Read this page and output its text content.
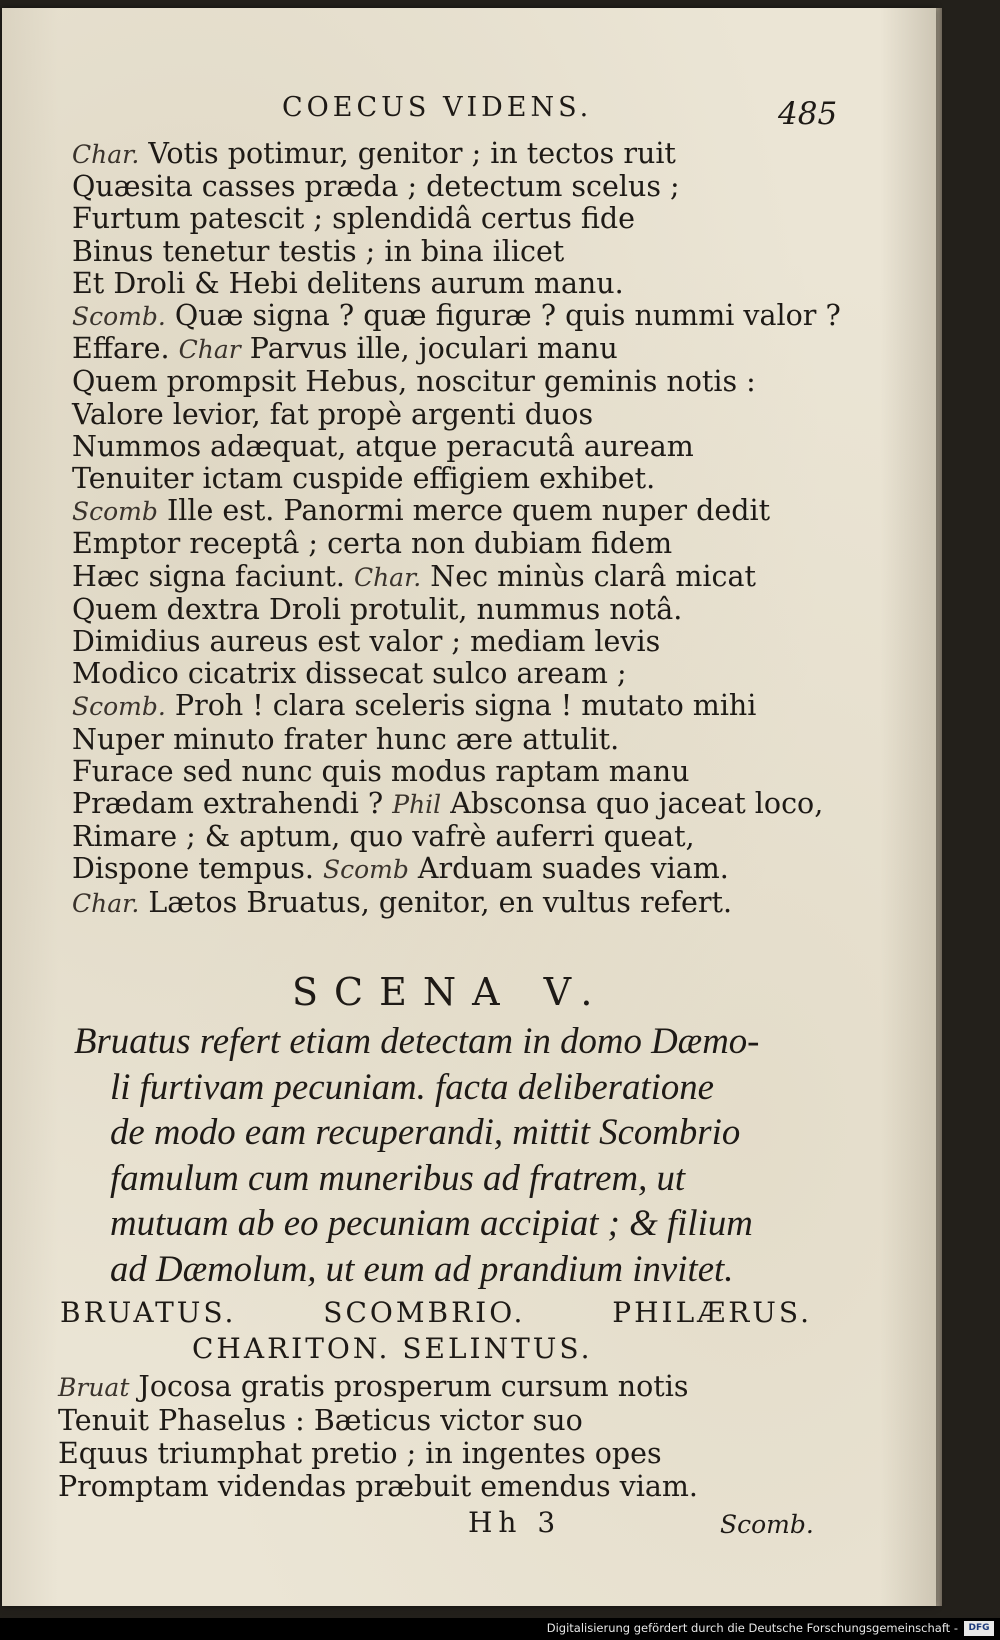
COECUS VIDENS.	485
Char. Votis potimur, genitor ; in tectos ruit
Quæsita casses præda ; detectum scelus ;
Furtum patescit ; splendidâ certus fide
Binus tenetur testis ; in bina ilicet
Et Droli & Hebi delitens aurum manu.
Scomb. Quæ signa ? quæ figuræ ? quis nummi valor ?
Effare. Char Parvus ille, joculari manu
Quem prompsit Hebus, noscitur geminis notis :
Valore levior, fat propè argenti duos
Nummos adæquat, atque peracutâ auream
Tenuiter ictam cuspide effigiem exhibet.
Scomb Ille est. Panormi merce quem nuper dedit
Emptor receptâ ; certa non dubiam fidem
Hæc signa faciunt. Char. Nec minùs clarâ micat
Quem dextra Droli protulit, nummus notâ.
Dimidius aureus est valor ; mediam levis
Modico cicatrix dissecat sulco aream ;
Scomb. Proh ! clara sceleris signa ! mutato mihi
Nuper minuto frater hunc ære attulit.
Furace sed nunc quis modus raptam manu
Prædam extrahendi ? Phil Absconsa quo jaceat loco,
Rimare ; & aptum, quo vafrè auferri queat,
Dispone tempus. Scomb Arduam suades viam.
Char. Lætos Bruatus, genitor, en vultus refert.
SCENA V.
Bruatus refert etiam detectam in domo Dæmo-
li furtivam pecuniam. facta deliberatione
de modo eam recuperandi, mittit Scombrio
famulum cum muneribus ad fratrem, ut
mutuam ab eo pecuniam accipiat ; & filium
ad Dæmolum, ut eum ad prandium invitet.
BRUATUS.	SCOMBRIO.	PHILÆRUS.
CHARITON. SELINTUS.
Bruat Jocosa gratis prosperum cursum notis
Tenuit Phaselus : Bæticus victor suo
Equus triumphat pretio ; in ingentes opes
Promptam videndas præbuit emendus viam.
Hh 3	Scomb.
Digitalisierung gefördert durch die Deutsche Forschungsgemeinschaft -	DFG
